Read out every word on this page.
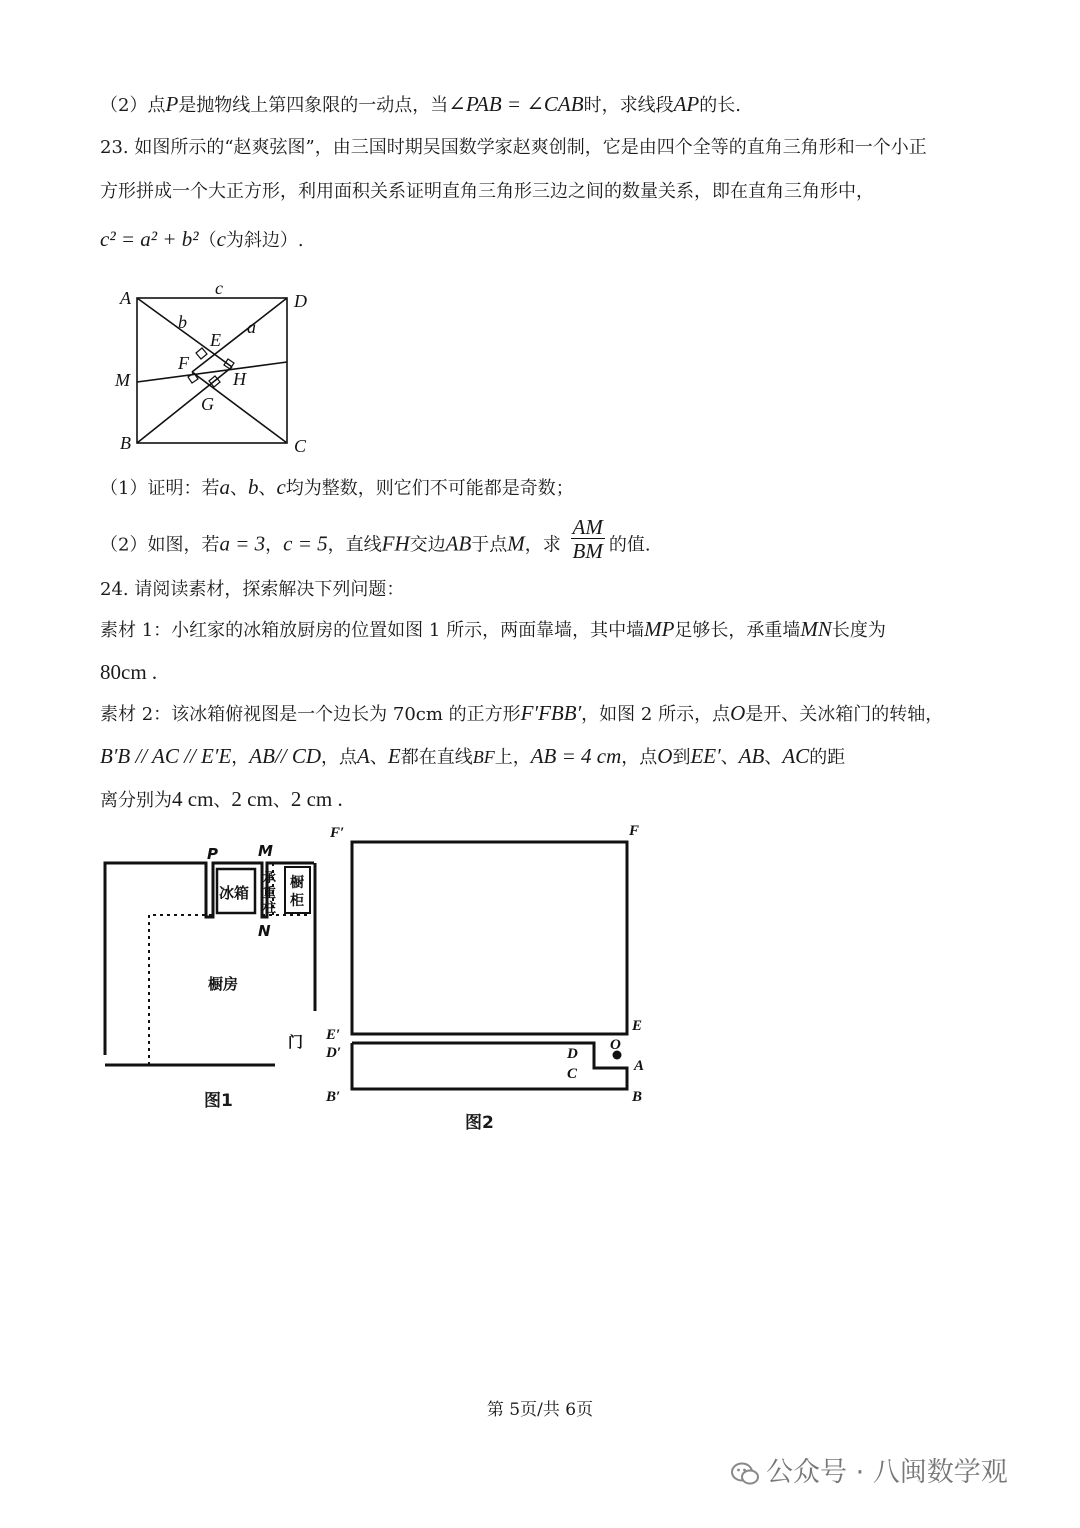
（2）点P是抛物线上第四象限的一动点，当∠PAB = ∠CAB时，求线段AP的长.
23. 如图所示的“赵爽弦图”，由三国时期吴国数学家赵爽创制，它是由四个全等的直角三角形和一个小正
方形拼成一个大正方形，利用面积关系证明直角三角形三边之间的数量关系，即在直角三角形中，
c² = a² + b²（c为斜边）.
A	D
B	C
M
E
F
H
G
c
b	a
（1）证明：若a、b、c均为整数，则它们不可能都是奇数；
（2）如图，若a = 3，c = 5，直线FH交边AB于点M，求 $\frac{AM}{BM}$ 的值.
24. 请阅读素材，探索解决下列问题：
素材 1：小红家的冰箱放厨房的位置如图 1 所示，两面靠墙，其中墙MP足够长，承重墙MN长度为
80cm .
素材 2：该冰箱俯视图是一个边长为 70cm 的正方形F′FBB′，如图 2 所示，点O是开、关冰箱门的转轴，
B′B // AC // E′E，AB// CD，点A、E都在直线BF上，AB = 4 cm，点O到EE′、AB、AC的距
离分别为4 cm、2 cm、2 cm .
P	M
N
冰箱
承
重
柱
橱
柜
橱房
门
图1
F′	F
E′
E
D′	D
O
A
C
B′	B
图2
第 5页/共 6页
公众号 · 八闽数学观
